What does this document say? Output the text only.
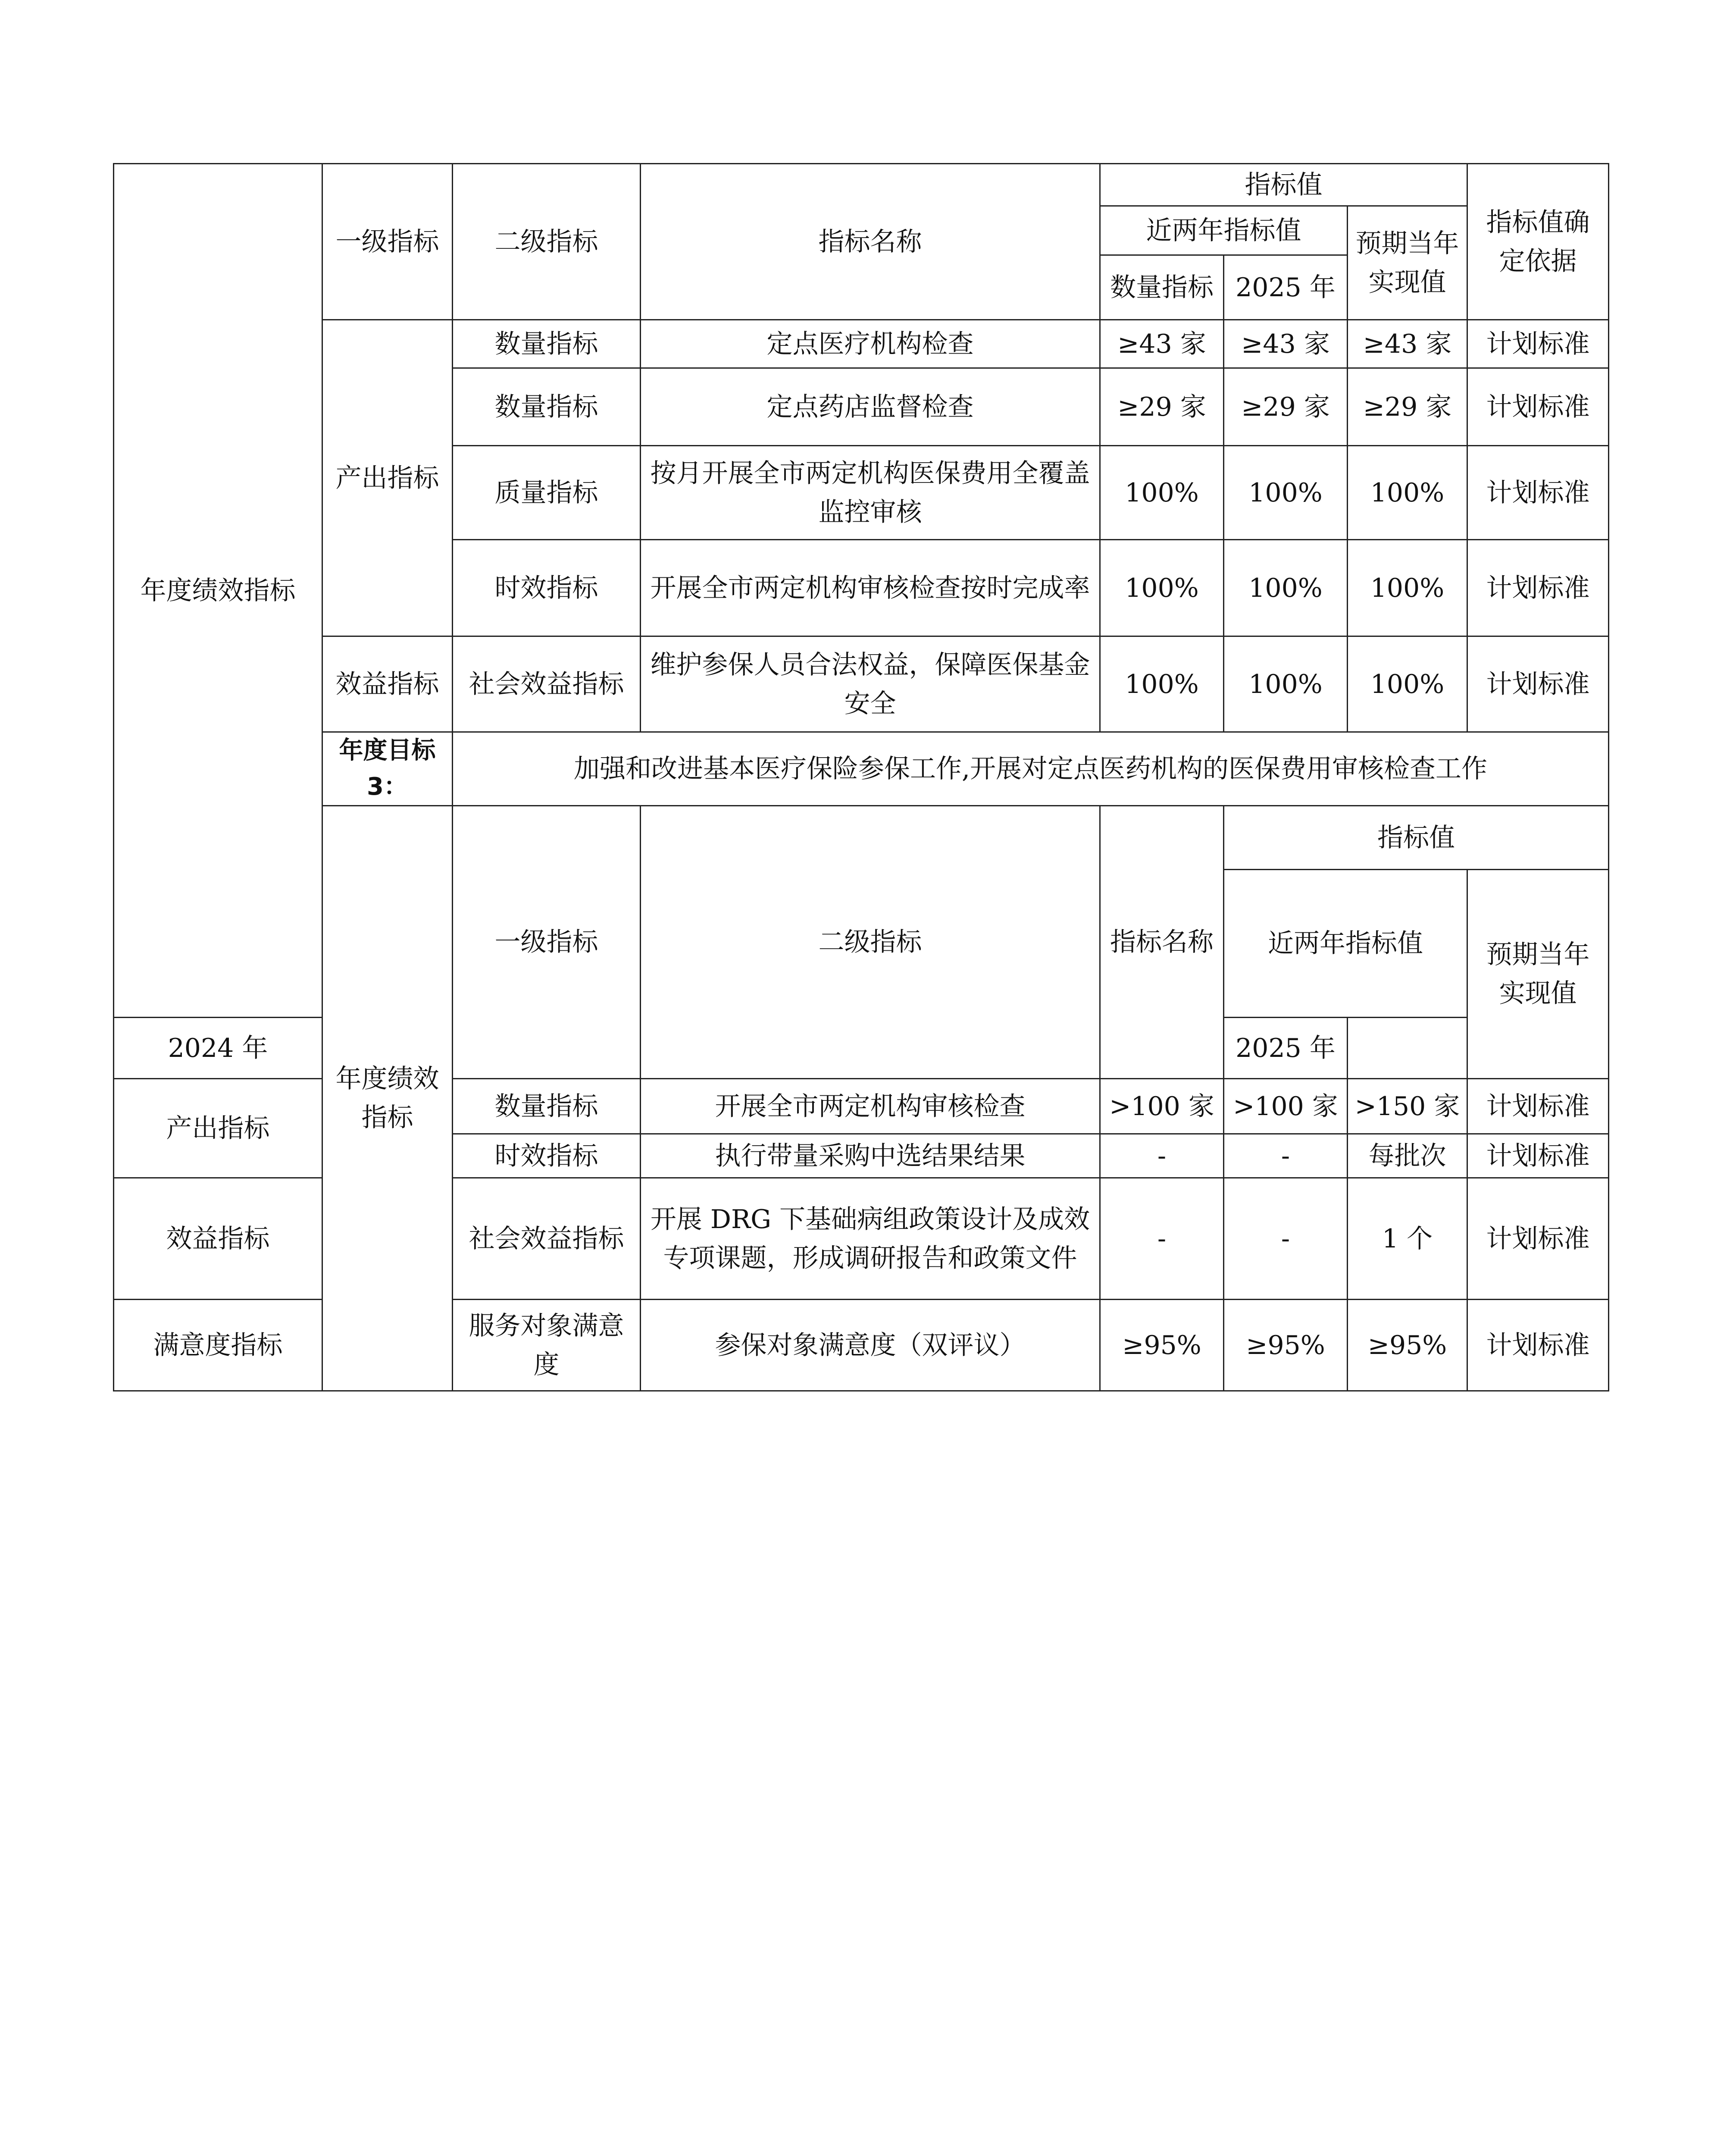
年度绩效指标	一级指标	二级指标	指标名称	指标值			指标值确定依据	
				近两年指标值		预期当年实现值		
				数量指标	2025 年			
	产出指标	数量指标	定点医疗机构检查	≥43 家	≥43 家	≥43 家	计划标准	
		数量指标	定点药店监督检查	≥29 家	≥29 家	≥29 家	计划标准	
		质量指标	按月开展全市两定机构医保费用全覆盖监控审核	100%	100%	100%	计划标准	
		时效指标	开展全市两定机构审核检查按时完成率	100%	100%	100%	计划标准	
	效益指标	社会效益指标	维护参保人员合法权益，保障医保基金安全	100%	100%	100%	计划标准	
	年度目标 3：	加强和改进基本医疗保险参保工作,开展对定点医药机构的医保费用审核检查工作						
	年度绩效指标	一级指标	二级指标	指标名称	指标值	
					近两年指标值		预期当年实现值	
2024 年					2025 年			
产出指标		数量指标	开展全市两定机构审核检查	>100 家	>100 家	>150 家	计划标准	
		时效指标	执行带量采购中选结果结果	-	-	每批次	计划标准	
效益指标		社会效益指标	开展 DRG 下基础病组政策设计及成效专项课题，形成调研报告和政策文件	-	-	1 个	计划标准	
满意度指标		服务对象满意度	参保对象满意度（双评议）	≥95%	≥95%	≥95%	计划标准	
